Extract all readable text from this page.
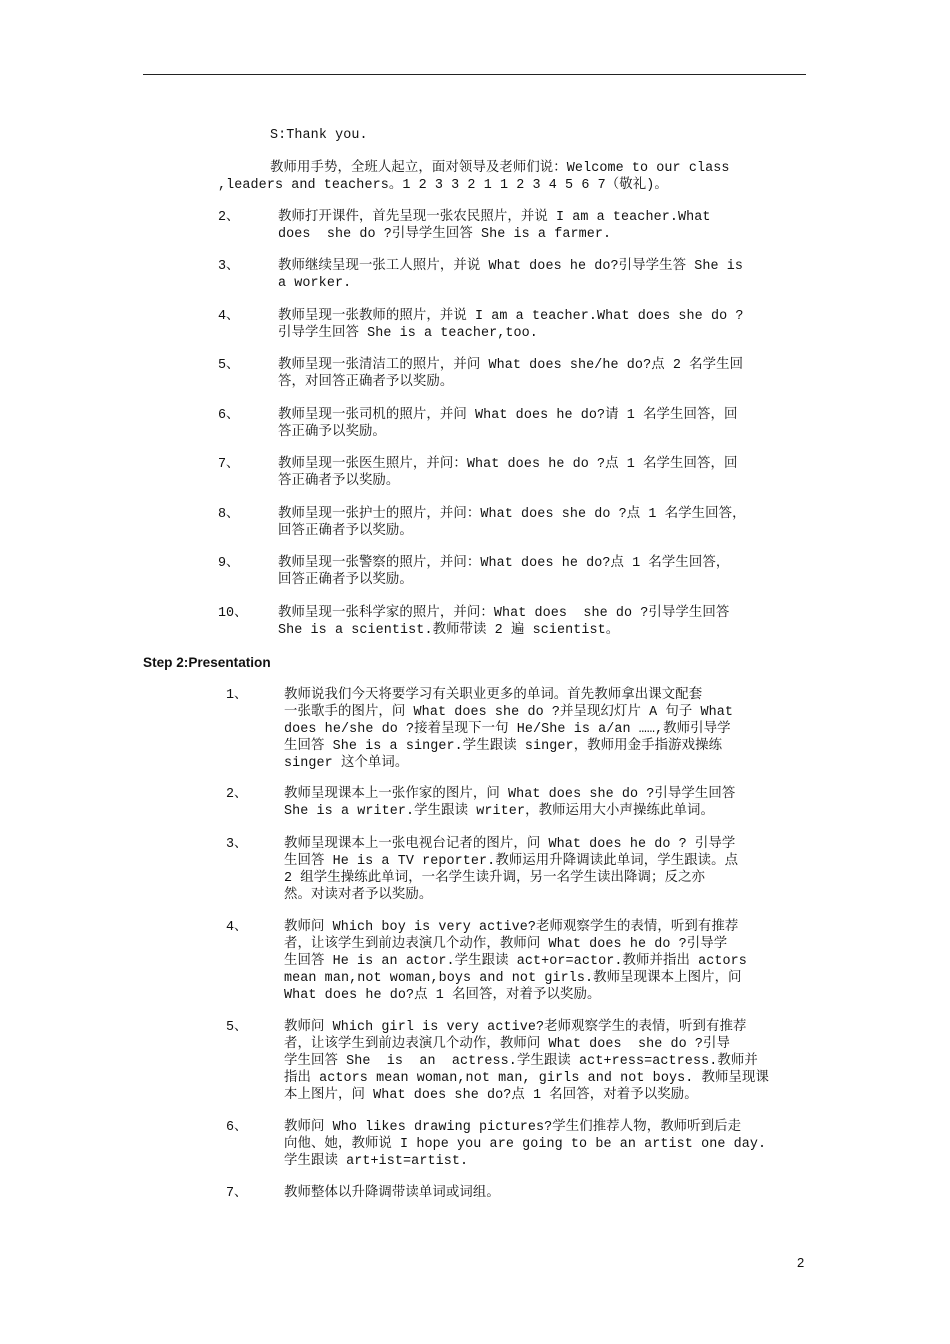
S:Thank you.
教师用手势，全班人起立，面对领导及老师们说：Welcome to our class
,leaders and teachers。1 2 3 3 2 1 1 2 3 4 5 6 7（敬礼)。
2、	教师打开课件，首先呈现一张农民照片，并说 I am a teacher.What
does  she do ?引导学生回答 She is a farmer.
3、	教师继续呈现一张工人照片，并说 What does he do?引导学生答 She is
a worker.
4、	教师呈现一张教师的照片，并说 I am a teacher.What does she do ?
引导学生回答 She is a teacher,too.
5、	教师呈现一张清洁工的照片，并问 What does she/he do?点 2 名学生回
答，对回答正确者予以奖励。
6、	教师呈现一张司机的照片，并问 What does he do?请 1 名学生回答，回
答正确予以奖励。
7、	教师呈现一张医生照片，并问：What does he do ?点 1 名学生回答，回
答正确者予以奖励。
8、	教师呈现一张护士的照片，并问：What does she do ?点 1 名学生回答，
回答正确者予以奖励。
9、	教师呈现一张警察的照片，并问：What does he do?点 1 名学生回答，
回答正确者予以奖励。
10、 教师呈现一张科学家的照片，并问：What does  she do ?引导学生回答
She is a scientist.教师带读 2 遍 scientist。
Step 2:Presentation
1、	教师说我们今天将要学习有关职业更多的单词。首先教师拿出课文配套
一张歌手的图片，问 What does she do ?并呈现幻灯片 A 句子 What
does he/she do ?接着呈现下一句 He/She is a/an ……,教师引导学
生回答 She is a singer.学生跟读 singer，教师用金手指游戏操练
singer 这个单词。
2、	教师呈现课本上一张作家的图片，问 What does she do ?引导学生回答
She is a writer.学生跟读 writer，教师运用大小声操练此单词。
3、	教师呈现课本上一张电视台记者的图片，问 What does he do ? 引导学
生回答 He is a TV reporter.教师运用升降调读此单词，学生跟读。点
2 组学生操练此单词，一名学生读升调，另一名学生读出降调；反之亦
然。对读对者予以奖励。
4、	教师问 Which boy is very active?老师观察学生的表情，听到有推荐
者，让该学生到前边表演几个动作，教师问 What does he do ?引导学
生回答 He is an actor.学生跟读 act+or=actor.教师并指出 actors
mean man,not woman,boys and not girls.教师呈现课本上图片，问
What does he do?点 1 名回答，对着予以奖励。
5、	教师问 Which girl is very active?老师观察学生的表情，听到有推荐
者，让该学生到前边表演几个动作，教师问 What does  she do ?引导
学生回答 She  is  an  actress.学生跟读 act+ress=actress.教师并
指出 actors mean woman,not man, girls and not boys. 教师呈现课
本上图片，问 What does she do?点 1 名回答，对着予以奖励。
6、	教师问 Who likes drawing pictures?学生们推荐人物，教师听到后走
向他、她，教师说 I hope you are going to be an artist one day.
学生跟读 art+ist=artist.
7、	教师整体以升降调带读单词或词组。
2
